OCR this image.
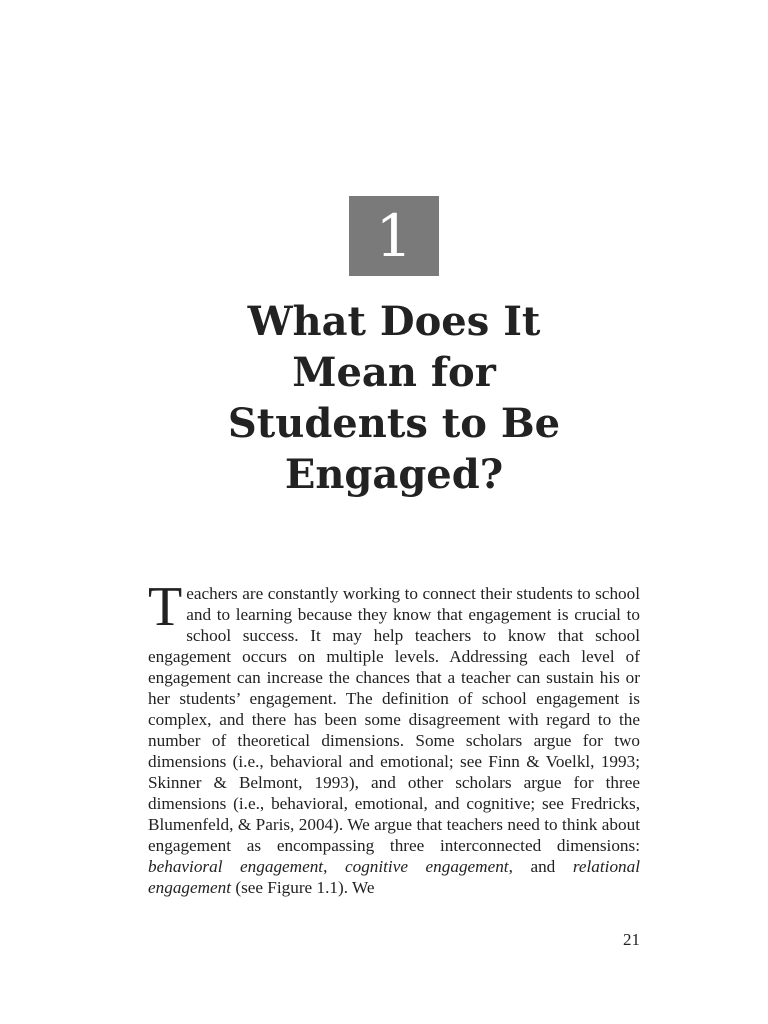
1
What Does It
Mean for
Students to Be
Engaged?

Teachers are constantly working to connect their students to school and to learning because they know that engagement is crucial to school success. It may help teachers to know that school engagement occurs on multiple levels. Addressing each level of engagement can increase the chances that a teacher can sustain his or her students’ engagement. The definition of school engagement is complex, and there has been some disagreement with regard to the number of theoretical dimensions. Some scholars argue for two dimensions (i.e., behavioral and emotional; see Finn & Voelkl, 1993; Skinner & Belmont, 1993), and other scholars argue for three dimensions (i.e., behavioral, emotional, and cognitive; see Fredricks, Blumenfeld, & Paris, 2004). We argue that teachers need to think about engagement as encompassing three interconnected dimensions: behavioral engagement, cognitive engagement, and relational engagement (see Figure 1.1). We

21
